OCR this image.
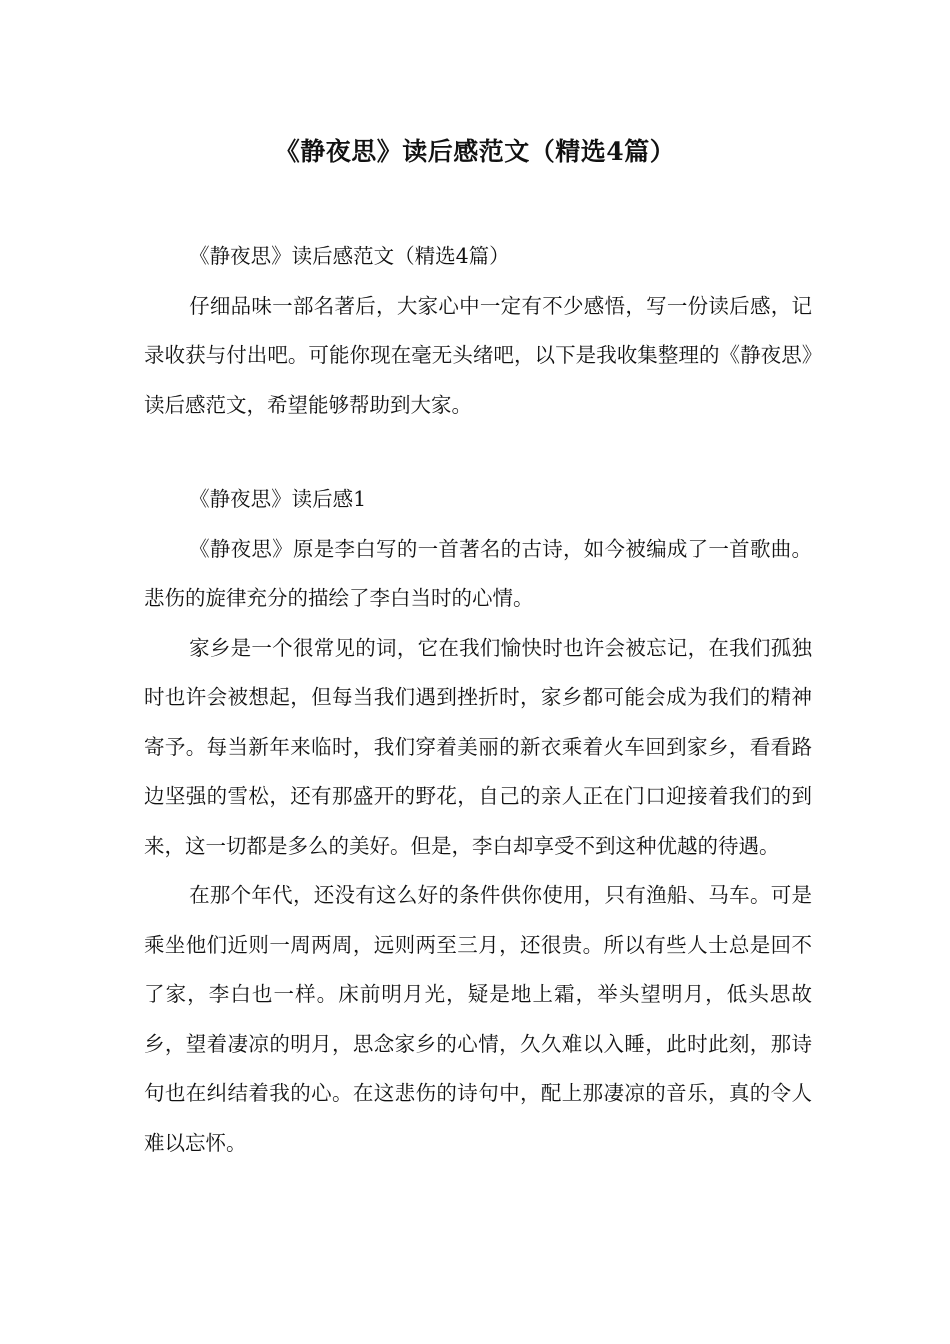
《静夜思》读后感范文（精选4篇）

《静夜思》读后感范文（精选4篇）

仔细品味一部名著后，大家心中一定有不少感悟，写一份读后感，记录收获与付出吧。可能你现在毫无头绪吧，以下是我收集整理的《静夜思》读后感范文，希望能够帮助到大家。

《静夜思》读后感1

《静夜思》原是李白写的一首著名的古诗，如今被编成了一首歌曲。悲伤的旋律充分的描绘了李白当时的心情。

家乡是一个很常见的词，它在我们愉快时也许会被忘记，在我们孤独时也许会被想起，但每当我们遇到挫折时，家乡都可能会成为我们的精神寄予。每当新年来临时，我们穿着美丽的新衣乘着火车回到家乡，看看路边坚强的雪松，还有那盛开的野花，自己的亲人正在门口迎接着我们的到来，这一切都是多么的美好。但是，李白却享受不到这种优越的待遇。

在那个年代，还没有这么好的条件供你使用，只有渔船、马车。可是乘坐他们近则一周两周，远则两至三月，还很贵。所以有些人士总是回不了家，李白也一样。床前明月光，疑是地上霜，举头望明月，低头思故乡，望着凄凉的明月，思念家乡的心情，久久难以入睡，此时此刻，那诗句也在纠结着我的心。在这悲伤的诗句中，配上那凄凉的音乐，真的令人难以忘怀。
